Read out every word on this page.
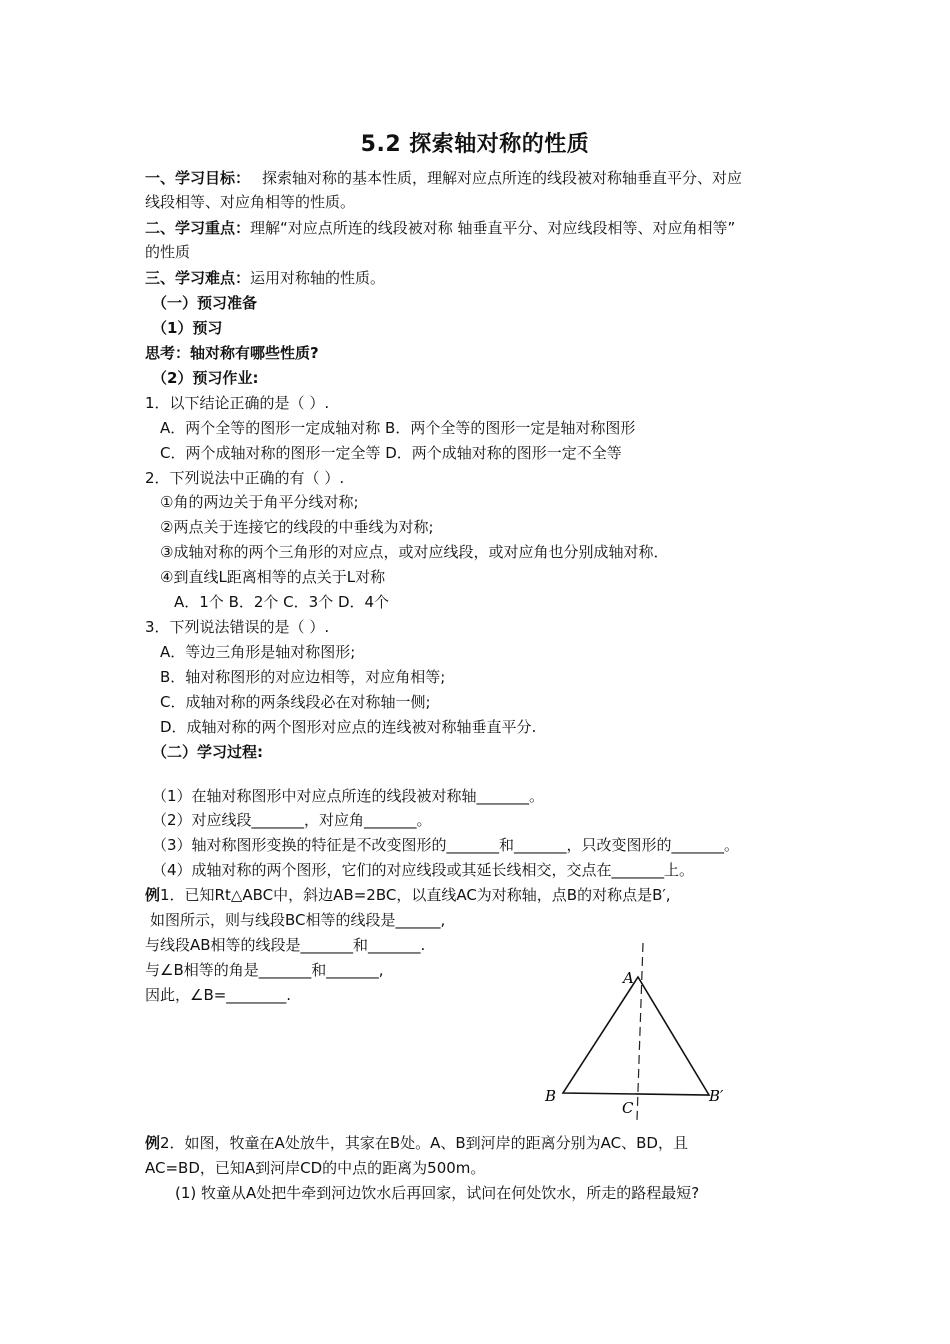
5.2 探索轴对称的性质
一、学习目标： 探索轴对称的基本性质，理解对应点所连的线段被对称轴垂直平分、对应
线段相等、对应角相等的性质。
二、学习重点：理解“对应点所连的线段被对称 轴垂直平分、对应线段相等、对应角相等”
的性质
三、学习难点：运用对称轴的性质。
（一）预习准备
（1）预习
思考：轴对称有哪些性质?
（2）预习作业:
1．以下结论正确的是（ ）.
A．两个全等的图形一定成轴对称 B．两个全等的图形一定是轴对称图形
C．两个成轴对称的图形一定全等 D．两个成轴对称的图形一定不全等
2．下列说法中正确的有（ ）.
①角的两边关于角平分线对称;
②两点关于连接它的线段的中垂线为对称;
③成轴对称的两个三角形的对应点，或对应线段，或对应角也分别成轴对称．
④到直线L距离相等的点关于L对称
A．1个 B．2个 C．3个 D．4个
3．下列说法错误的是（ ）.
A．等边三角形是轴对称图形;
B．轴对称图形的对应边相等，对应角相等;
C．成轴对称的两条线段必在对称轴一侧;
D．成轴对称的两个图形对应点的连线被对称轴垂直平分.
（二）学习过程:
（1）在轴对称图形中对应点所连的线段被对称轴_______。
（2）对应线段_______，对应角_______。
（3）轴对称图形变换的特征是不改变图形的_______和_______，只改变图形的_______。
（4）成轴对称的两个图形，它们的对应线段或其延长线相交，交点在_______上。
例1．已知Rt△ABC中，斜边AB=2BC，以直线AC为对称轴，点B的对称点是B′,
如图所示，则与线段BC相等的线段是______,
与线段AB相等的线段是_______和_______.
与∠B相等的角是_______和_______,
因此，∠B=________.
A
B	B′
C
例2．如图，牧童在A处放牛，其家在B处。A、B到河岸的距离分别为AC、BD，且
AC=BD，已知A到河岸CD的中点的距离为500m。
(1) 牧童从A处把牛牵到河边饮水后再回家，试问在何处饮水，所走的路程最短?
